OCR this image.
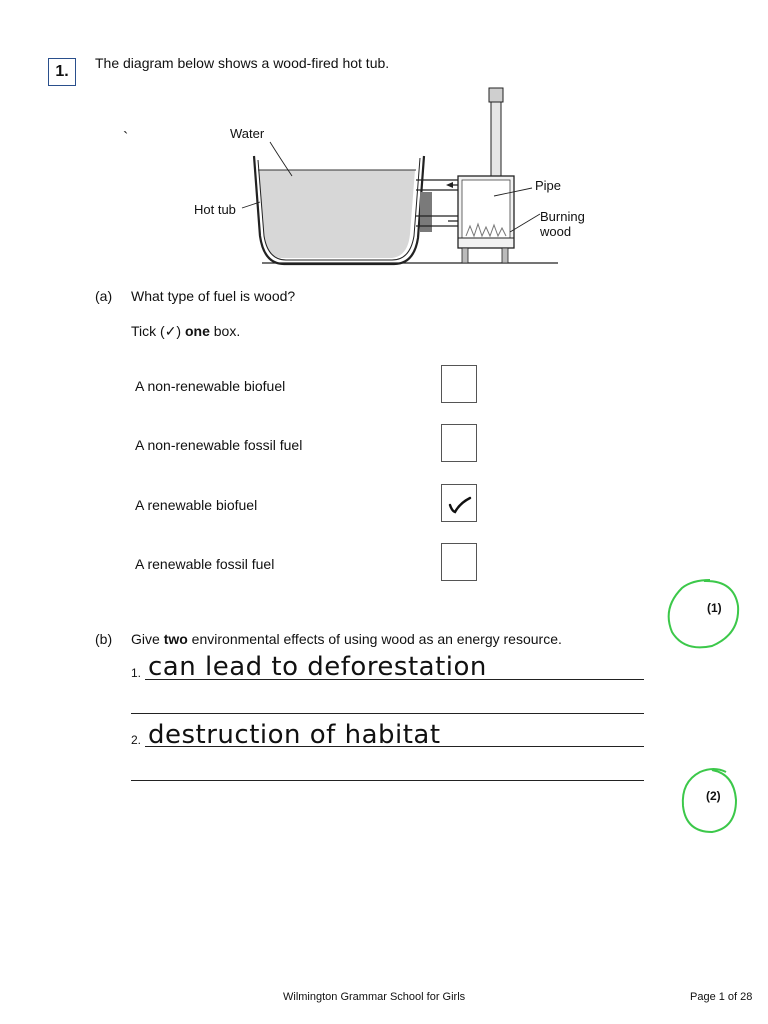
1.	The diagram below shows a wood-fired hot tub.
`	Water
Hot tub
Pipe
Burning
wood
(a) What type of fuel is wood?
Tick (✓) one box.
A non-renewable biofuel
A non-renewable fossil fuel
A renewable biofuel
A renewable fossil fuel
(1)
(b) Give two environmental effects of using wood as an energy resource.
1. can lead to deforestation
2. destruction of habitat
(2)
Wilmington Grammar School for Girls	Page 1 of 28
